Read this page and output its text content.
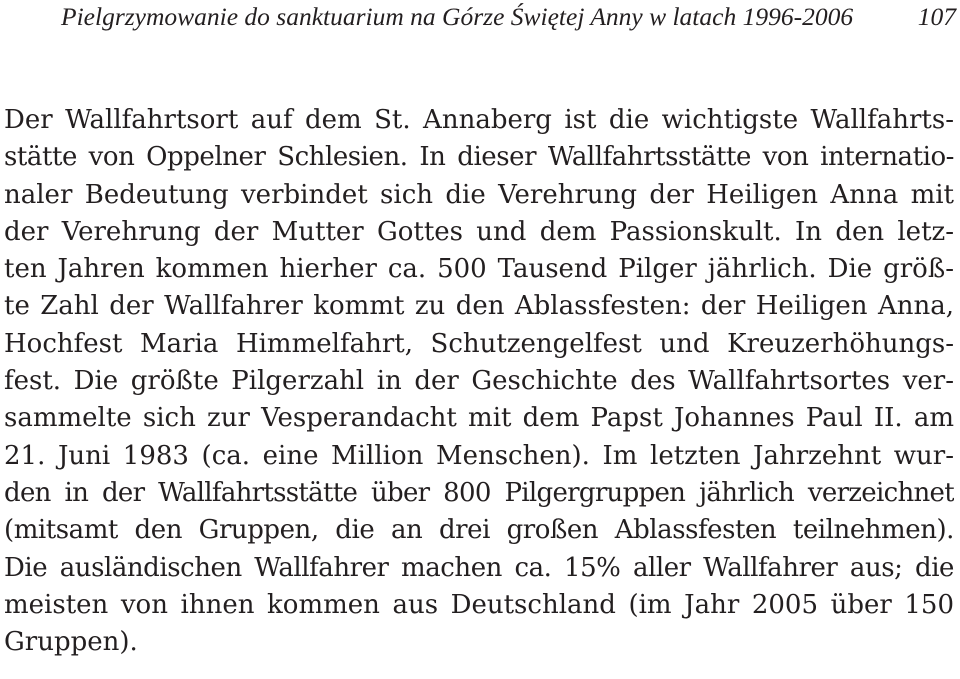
Pielgrzymowanie do sanktuarium na Górze Świętej Anny w latach 1996-2006	107
Der Wallfahrtsort auf dem St. Annaberg ist die wichtigste Wallfahrts-
stätte von Oppelner Schlesien. In dieser Wallfahrtsstätte von internatio-
naler Bedeutung verbindet sich die Verehrung der Heiligen Anna mit
der Verehrung der Mutter Gottes und dem Passionskult. In den letz-
ten Jahren kommen hierher ca. 500 Tausend Pilger jährlich. Die größ-
te Zahl der Wallfahrer kommt zu den Ablassfesten: der Heiligen Anna,
Hochfest Maria Himmelfahrt, Schutzengelfest und Kreuzerhöhungs-
fest. Die größte Pilgerzahl in der Geschichte des Wallfahrtsortes ver-
sammelte sich zur Vesperandacht mit dem Papst Johannes Paul II. am
21. Juni 1983 (ca. eine Million Menschen). Im letzten Jahrzehnt wur-
den in der Wallfahrtsstätte über 800 Pilgergruppen jährlich verzeichnet
(mitsamt den Gruppen, die an drei großen Ablassfesten teilnehmen).
Die ausländischen Wallfahrer machen ca. 15% aller Wallfahrer aus; die
meisten von ihnen kommen aus Deutschland (im Jahr 2005 über 150
Gruppen).
